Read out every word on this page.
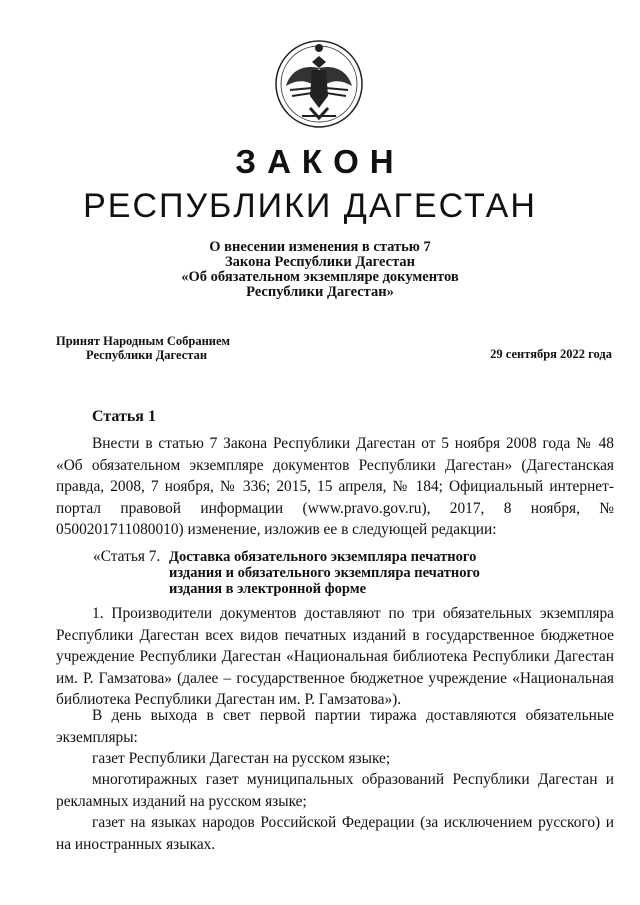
ЗАКОН
РЕСПУБЛИКИ ДАГЕСТАН
О внесении изменения в статью 7
Закона Республики Дагестан
«Об обязательном экземпляре документов
Республики Дагестан»
Принят Народным Собранием
Республики Дагестан	29 сентября 2022 года
Статья 1
Внести в статью 7 Закона Республики Дагестан от 5 ноября 2008 года № 48 «Об обязательном экземпляре документов Республики Дагестан» (Дагестанская правда, 2008, 7 ноября, № 336; 2015, 15 апреля, № 184; Официальный интернет-портал правовой информации (www.pravo.gov.ru), 2017, 8 ноября, № 0500201711080010) изменение, изложив ее в следующей редакции:
«Статья 7. Доставка обязательного экземпляра печатного
издания и обязательного экземпляра печатного
издания в электронной форме
1. Производители документов доставляют по три обязательных экземпляра Республики Дагестан всех видов печатных изданий в государственное бюджетное учреждение Республики Дагестан «Национальная библиотека Республики Дагестан им. Р. Гамзатова» (далее – государственное бюджетное учреждение «Национальная библиотека Республики Дагестан им. Р. Гамзатова»).
В день выхода в свет первой партии тиража доставляются обязательные экземпляры:
газет Республики Дагестан на русском языке;
многотиражных газет муниципальных образований Республики Дагестан и рекламных изданий на русском языке;
газет на языках народов Российской Федерации (за исключением русского) и на иностранных языках.
